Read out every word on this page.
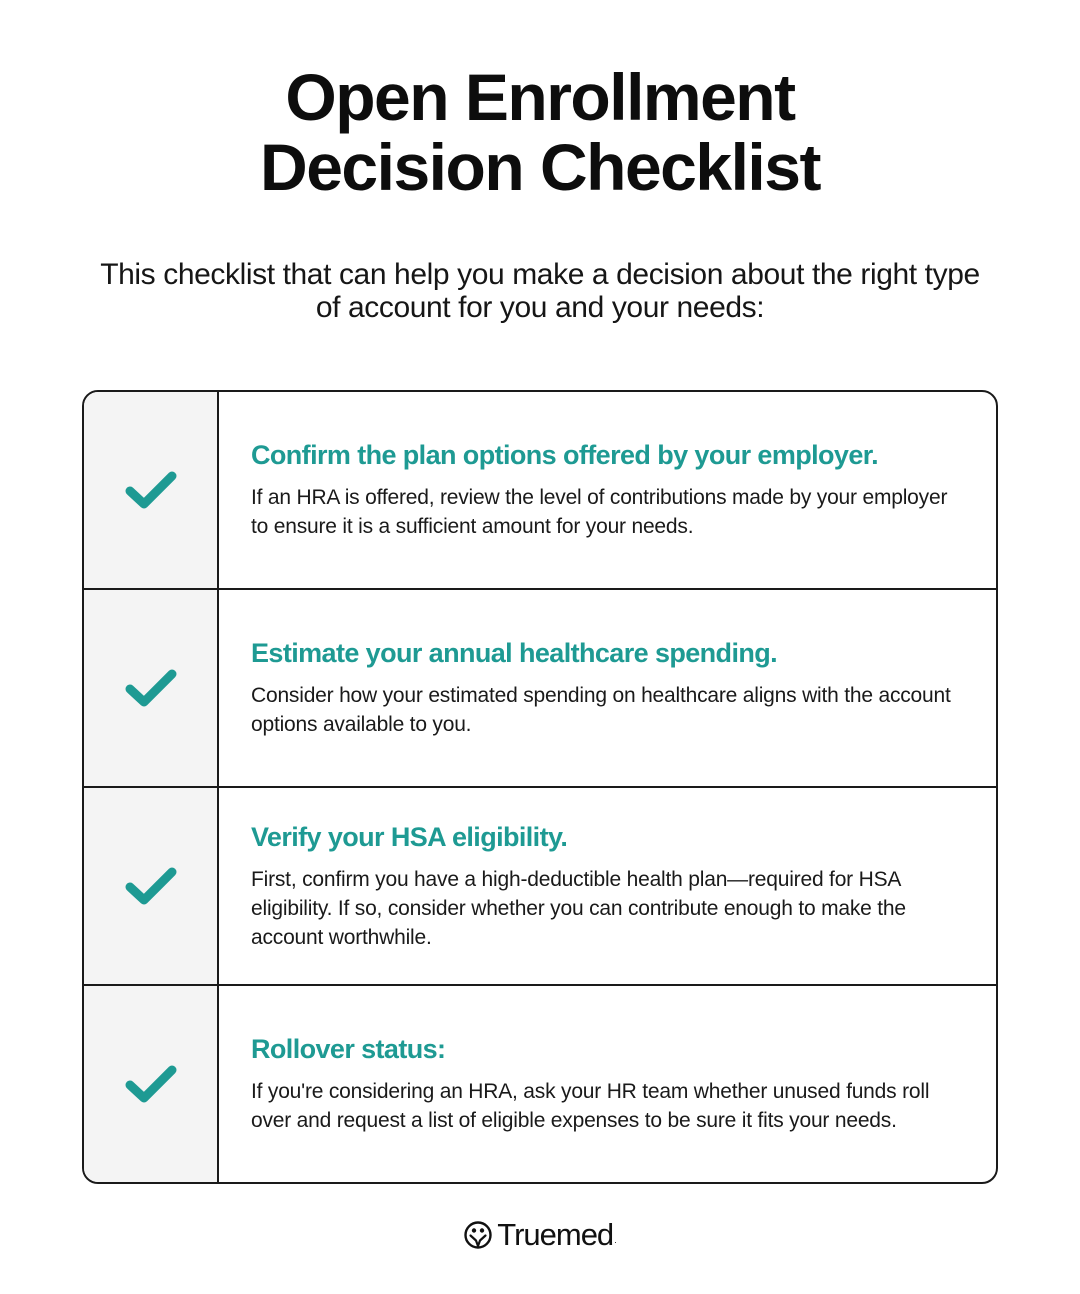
Open Enrollment
Decision Checklist

This checklist that can help you make a decision about the right type of account for you and your needs:

Confirm the plan options offered by your employer.

If an HRA is offered, review the level of contributions made by your employer to ensure it is a sufficient amount for your needs.

Estimate your annual healthcare spending.

Consider how your estimated spending on healthcare aligns with the account options available to you.

Verify your HSA eligibility.

First, confirm you have a high-deductible health plan—required for HSA eligibility. If so, consider whether you can contribute enough to make the account worthwhile.

Rollover status:

If you're considering an HRA, ask your HR team whether unused funds roll over and request a list of eligible expenses to be sure it fits your needs.

Truemed .
